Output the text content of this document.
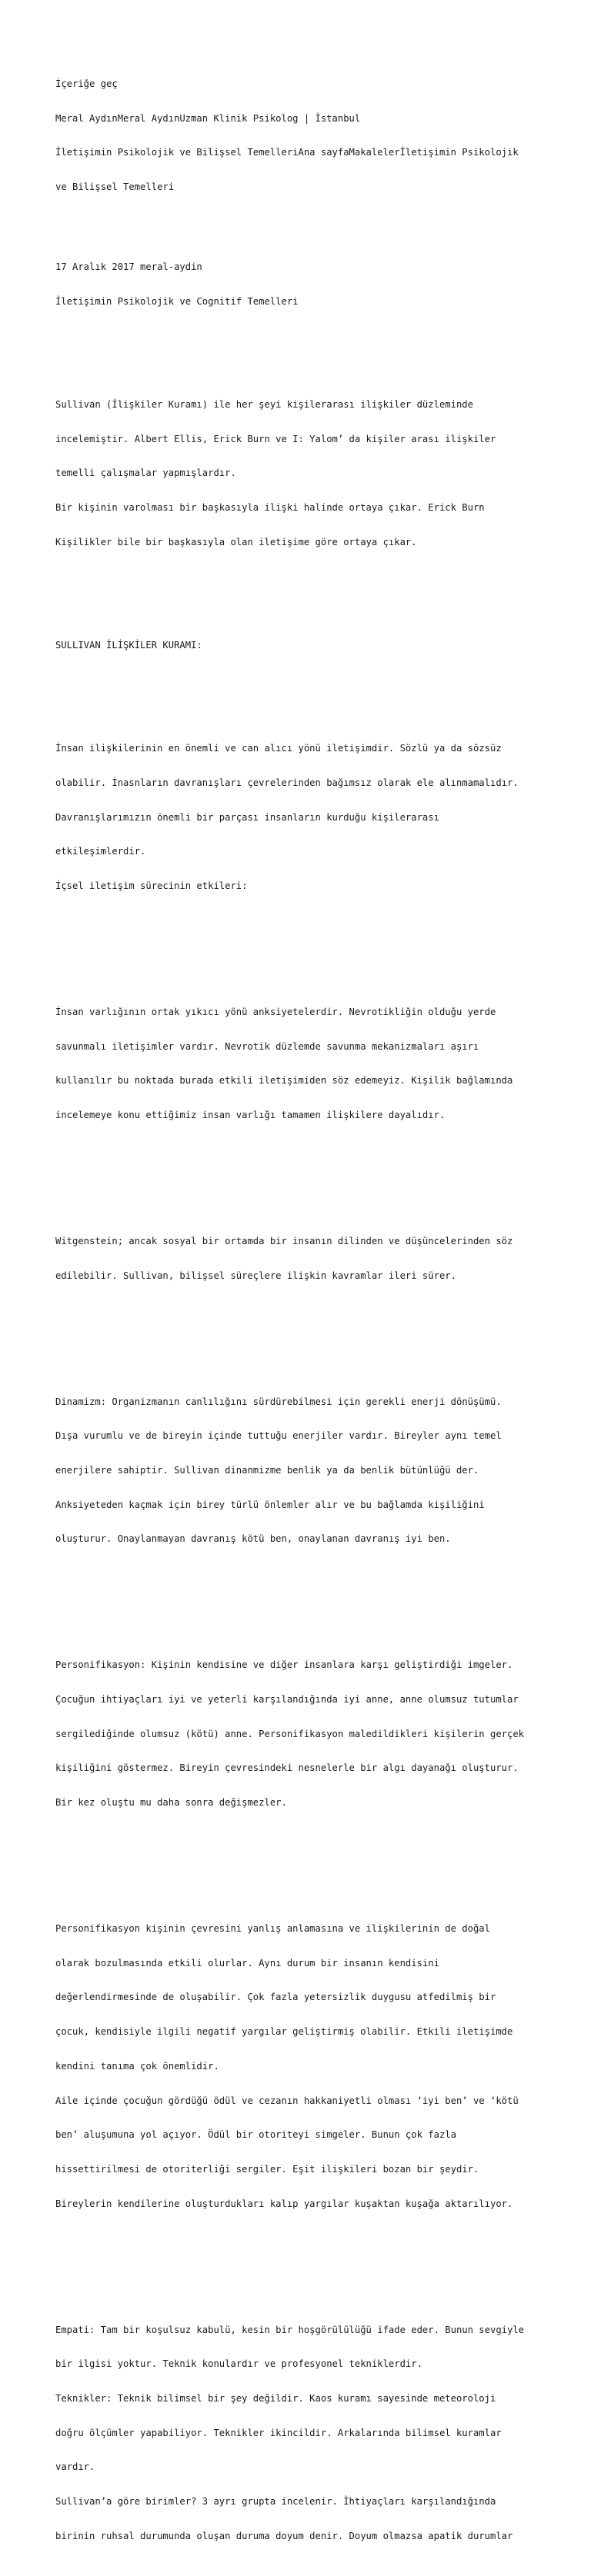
İçeriğe geç

Meral AydınMeral AydınUzman Klinik Psikolog | İstanbul

İletişimin Psikolojik ve Bilişsel TemelleriAna sayfaMakalelerİletişimin Psikolojik

ve Bilişsel Temelleri

17 Aralık 2017 meral-aydin

İletişimin Psikolojik ve Cognitif Temelleri

Sullivan (İlişkiler Kuramı) ile her şeyi kişilerarası ilişkiler düzleminde

incelemiştir. Albert Ellis, Erick Burn ve I: Yalom’ da kişiler arası ilişkiler

temelli çalışmalar yapmışlardır.

Bir kişinin varolması bir başkasıyla ilişki halinde ortaya çıkar. Erick Burn

Kişilikler bile bir başkasıyla olan iletişime göre ortaya çıkar.

SULLIVAN İLİŞKİLER KURAMI:

İnsan ilişkilerinin en önemli ve can alıcı yönü iletişimdir. Sözlü ya da sözsüz

olabilir. İnasnların davranışları çevrelerinden bağımsız olarak ele alınmamalıdır.

Davranışlarımızın önemli bir parçası insanların kurduğu kişilerarası

etkileşimlerdir.

İçsel iletişim sürecinin etkileri:

İnsan varlığının ortak yıkıcı yönü anksiyetelerdir. Nevrotikliğin olduğu yerde

savunmalı iletişimler vardır. Nevrotik düzlemde savunma mekanizmaları aşırı

kullanılır bu noktada burada etkili iletişimiden söz edemeyiz. Kişilik bağlamında

incelemeye konu ettiğimiz insan varlığı tamamen ilişkilere dayalıdır.

Witgenstein; ancak sosyal bir ortamda bir insanın dilinden ve düşüncelerinden söz

edilebilir. Sullivan, bilişsel süreçlere ilişkin kavramlar ileri sürer.

Dinamizm: Organizmanın canlılığını sürdürebilmesi için gerekli enerji dönüşümü.

Dışa vurumlu ve de bireyin içinde tuttuğu enerjiler vardır. Bireyler aynı temel

enerjilere sahiptir. Sullivan dinanmizme benlik ya da benlik bütünlüğü der.

Anksiyeteden kaçmak için birey türlü önlemler alır ve bu bağlamda kişiliğini

oluşturur. Onaylanmayan davranış kötü ben, onaylanan davranış iyi ben.

Personifikasyon: Kişinin kendisine ve diğer insanlara karşı geliştirdiği imgeler.

Çocuğun ihtiyaçları iyi ve yeterli karşılandığında iyi anne, anne olumsuz tutumlar

sergilediğinde olumsuz (kötü) anne. Personifikasyon maledildikleri kişilerin gerçek

kişiliğini göstermez. Bireyin çevresindeki nesnelerle bir algı dayanağı oluşturur.

Bir kez oluştu mu daha sonra değişmezler.

Personifikasyon kişinin çevresini yanlış anlamasına ve ilişkilerinin de doğal

olarak bozulmasında etkili olurlar. Aynı durum bir insanın kendisini

değerlendirmesinde de oluşabilir. Çok fazla yetersizlik duygusu atfedilmiş bir

çocuk, kendisiyle ilgili negatif yargılar geliştirmiş olabilir. Etkili iletişimde

kendini tanıma çok önemlidir.

Aile içinde çocuğun gördüğü ödül ve cezanın hakkaniyetli olması ‘iyi ben’ ve ‘kötü

ben’ aluşumuna yol açıyor. Ödül bir otoriteyi simgeler. Bunun çok fazla

hissettirilmesi de otoriterliği sergiler. Eşit ilişkileri bozan bir şeydir.

Bireylerin kendilerine oluşturdukları kalıp yargılar kuşaktan kuşağa aktarılıyor.

Empati: Tam bir koşulsuz kabulü, kesin bir hoşgörülülüğü ifade eder. Bunun sevgiyle

bir ilgisi yoktur. Teknik konulardır ve profesyonel tekniklerdir.

Teknikler: Teknik bilimsel bir şey değildir. Kaos kuramı sayesinde meteoroloji

doğru ölçümler yapabiliyor. Teknikler ikincildir. Arkalarında bilimsel kuramlar

vardır.

Sullivan’a göre birimler? 3 ayrı grupta incelenir. İhtiyaçları karşılandığında

birinin ruhsal durumunda oluşan duruma doyum denir. Doyum olmazsa apatik durumlar
